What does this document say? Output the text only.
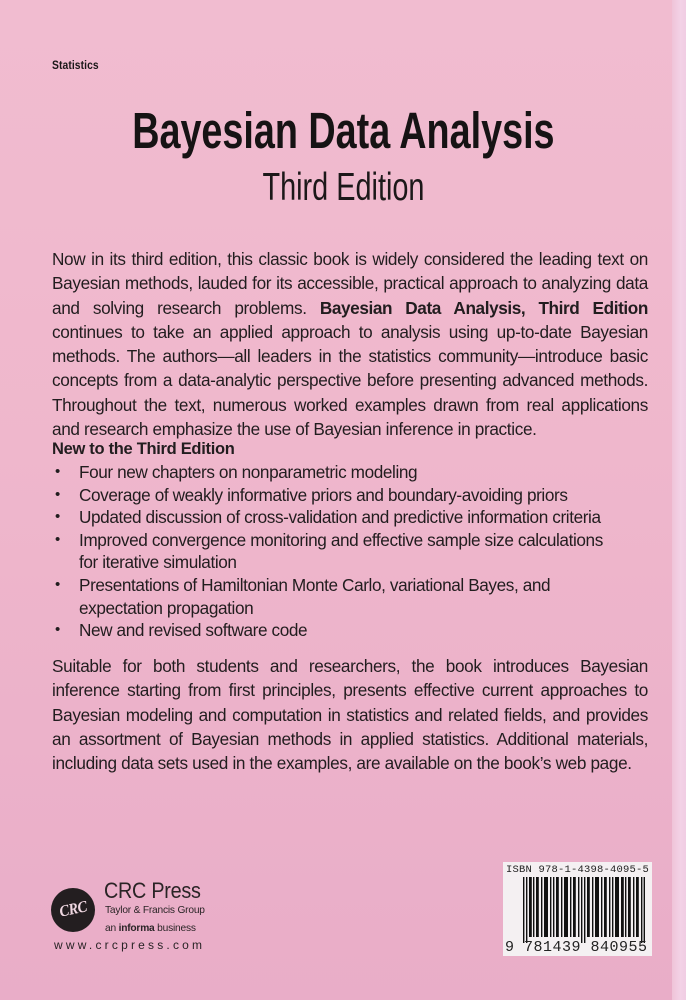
Statistics
Bayesian Data Analysis
Third Edition
Now in its third edition, this classic book is widely considered the leading text on Bayesian methods, lauded for its accessible, practical approach to analyzing data and solving research problems. Bayesian Data Analysis, Third Edition continues to take an applied approach to analysis using up-to-date Bayesian methods. The authors—all leaders in the statistics community—introduce basic concepts from a data-analytic perspective before presenting advanced methods. Throughout the text, numerous worked examples drawn from real applications and research emphasize the use of Bayesian inference in practice.
New to the Third Edition
• Four new chapters on nonparametric modeling
• Coverage of weakly informative priors and boundary-avoiding priors
• Updated discussion of cross-validation and predictive information criteria
• Improved convergence monitoring and effective sample size calculations for iterative simulation
• Presentations of Hamiltonian Monte Carlo, variational Bayes, and expectation propagation
• New and revised software code
Suitable for both students and researchers, the book introduces Bayesian inference starting from first principles, presents effective current approaches to Bayesian modeling and computation in statistics and related fields, and provides an assortment of Bayesian methods in applied statistics. Additional materials, including data sets used in the examples, are available on the book’s web page.
CRC
CRC Press
Taylor & Francis Group
an informa business
www.crcpress.com
ISBN 978-1-4398-4095-5
9 781439 840955
